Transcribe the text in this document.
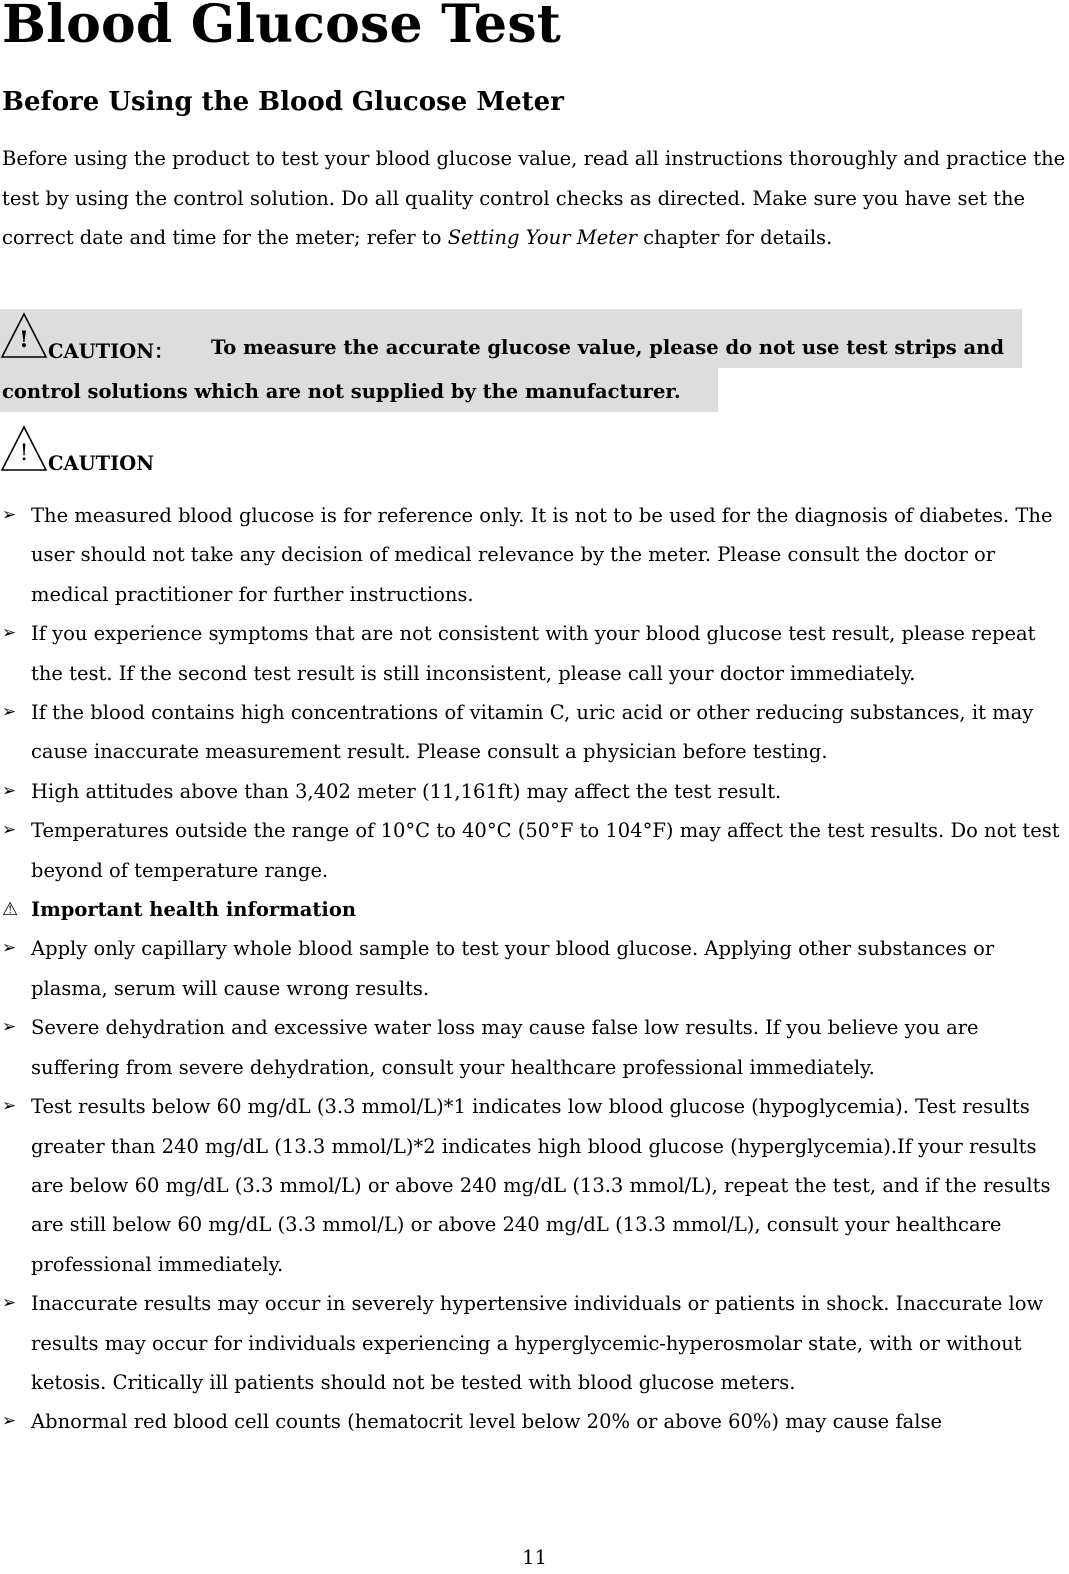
Blood Glucose Test
Before Using the Blood Glucose Meter
Before using the product to test your blood glucose value, read all instructions thoroughly and practice the test by using the control solution. Do all quality control checks as directed. Make sure you have set the correct date and time for the meter; refer to Setting Your Meter chapter for details.
! CAUTION： To measure the accurate glucose value, please do not use test strips and
control solutions which are not supplied by the manufacturer.
! CAUTION
➢ The measured blood glucose is for reference only. It is not to be used for the diagnosis of diabetes. The user should not take any decision of medical relevance by the meter. Please consult the doctor or medical practitioner for further instructions.
➢ If you experience symptoms that are not consistent with your blood glucose test result, please repeat the test. If the second test result is still inconsistent, please call your doctor immediately.
➢ If the blood contains high concentrations of vitamin C, uric acid or other reducing substances, it may cause inaccurate measurement result. Please consult a physician before testing.
➢ High attitudes above than 3,402 meter (11,161ft) may affect the test result.
➢ Temperatures outside the range of 10°C to 40°C (50°F to 104°F) may affect the test results. Do not test beyond of temperature range.
⚠ Important health information
➢ Apply only capillary whole blood sample to test your blood glucose. Applying other substances or plasma, serum will cause wrong results.
➢ Severe dehydration and excessive water loss may cause false low results. If you believe you are suffering from severe dehydration, consult your healthcare professional immediately.
➢ Test results below 60 mg/dL (3.3 mmol/L)*1 indicates low blood glucose (hypoglycemia). Test results greater than 240 mg/dL (13.3 mmol/L)*2 indicates high blood glucose (hyperglycemia).If your results are below 60 mg/dL (3.3 mmol/L) or above 240 mg/dL (13.3 mmol/L), repeat the test, and if the results are still below 60 mg/dL (3.3 mmol/L) or above 240 mg/dL (13.3 mmol/L), consult your healthcare professional immediately.
➢ Inaccurate results may occur in severely hypertensive individuals or patients in shock. Inaccurate low results may occur for individuals experiencing a hyperglycemic-hyperosmolar state, with or without ketosis. Critically ill patients should not be tested with blood glucose meters.
➢ Abnormal red blood cell counts (hematocrit level below 20% or above 60%) may cause false
11
